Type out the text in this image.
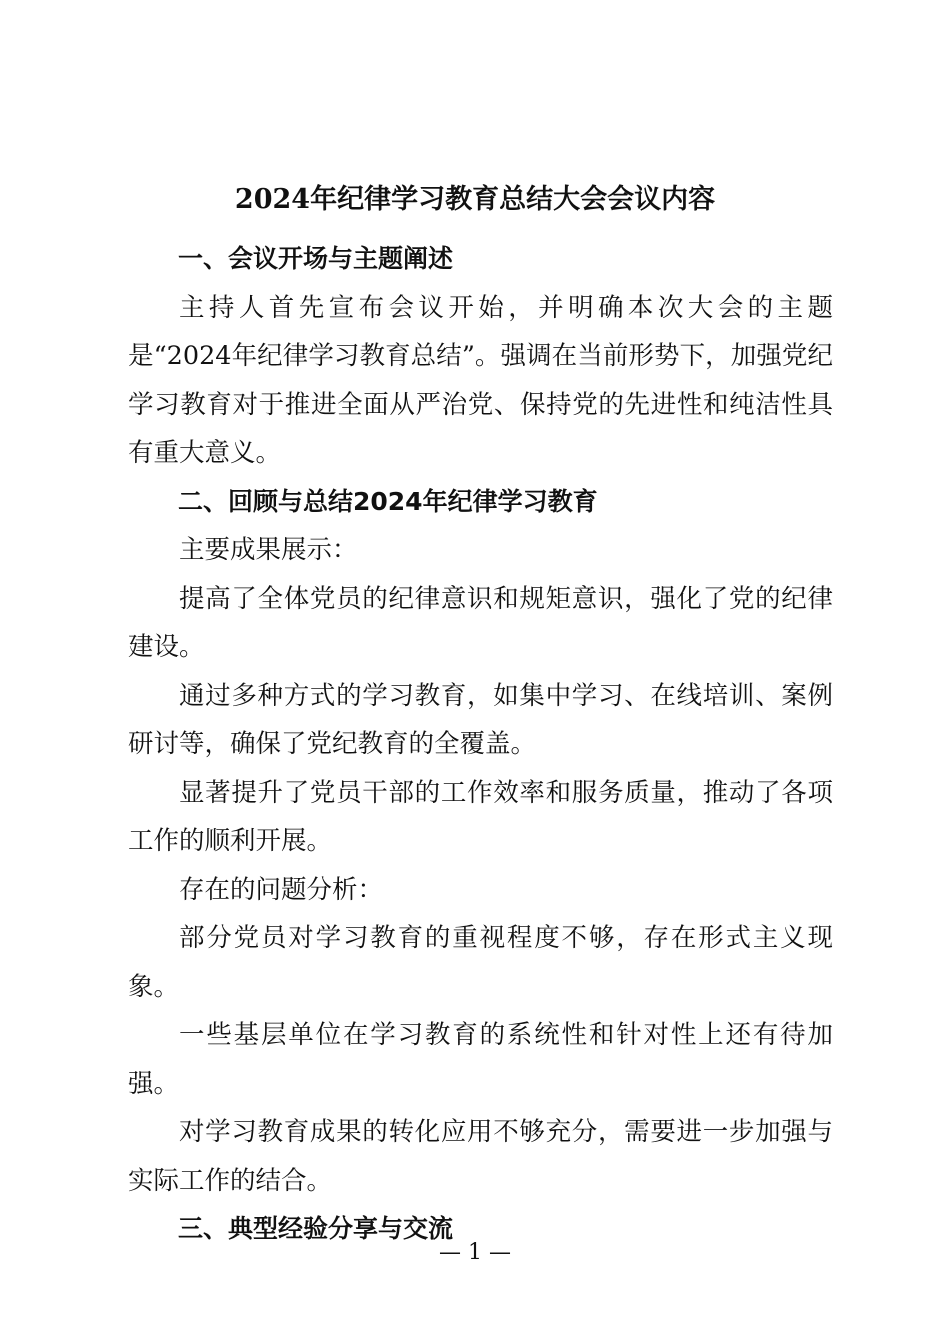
2024年纪律学习教育总结大会会议内容

一、会议开场与主题阐述

主持人首先宣布会议开始，并明确本次大会的主题是“2024年纪律学习教育总结”。强调在当前形势下，加强党纪学习教育对于推进全面从严治党、保持党的先进性和纯洁性具有重大意义。

二、回顾与总结2024年纪律学习教育

主要成果展示：

提高了全体党员的纪律意识和规矩意识，强化了党的纪律建设。

通过多种方式的学习教育，如集中学习、在线培训、案例研讨等，确保了党纪教育的全覆盖。

显著提升了党员干部的工作效率和服务质量，推动了各项工作的顺利开展。

存在的问题分析：

部分党员对学习教育的重视程度不够，存在形式主义现象。

一些基层单位在学习教育的系统性和针对性上还有待加强。

对学习教育成果的转化应用不够充分，需要进一步加强与实际工作的结合。

三、典型经验分享与交流

— 1 —
